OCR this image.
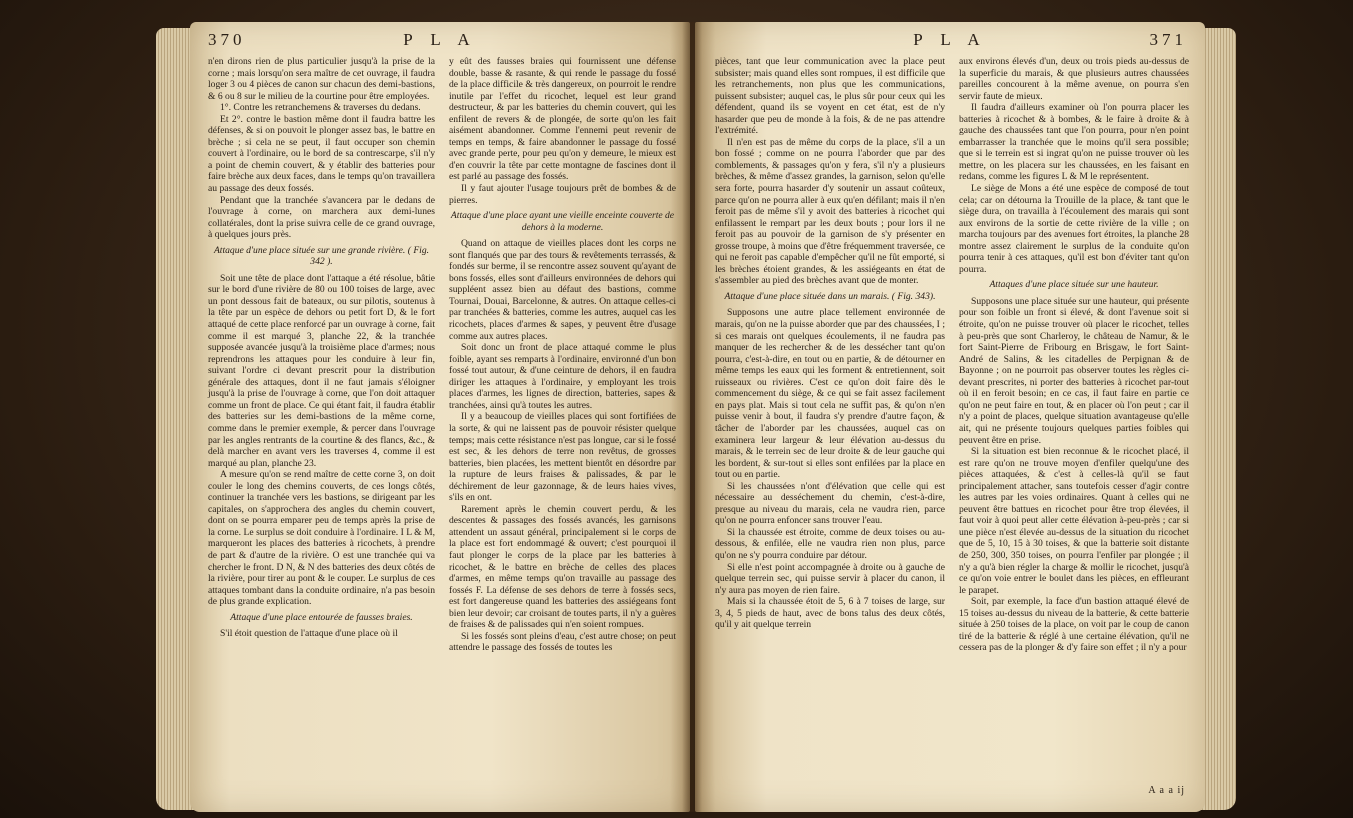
370	P L A

n'en dirons rien de plus particulier jusqu'à la prise de la corne ; mais lorsqu'on sera maître de cet ouvrage, il faudra loger 3 ou 4 pièces de canon sur chacun des demi-bastions, & 6 ou 8 sur le milieu de la courtine pour être employées.

1°. Contre les retranchemens & traverses du dedans.

Et 2°. contre le bastion même dont il faudra battre les défenses, & si on pouvoit le plonger assez bas, le battre en brèche ; si cela ne se peut, il faut occuper son chemin couvert à l'ordinaire, ou le bord de sa contrescarpe, s'il n'y a point de chemin couvert, & y établir des batteries pour faire brèche aux deux faces, dans le temps qu'on travaillera au passage des deux fossés.

Pendant que la tranchée s'avancera par le dedans de l'ouvrage à corne, on marchera aux demi-lunes collatérales, dont la prise suivra celle de ce grand ouvrage, à quelques jours près.

Attaque d'une place située sur une grande rivière. ( Fig. 342 ).

Soit une tête de place dont l'attaque a été résolue, bâtie sur le bord d'une rivière de 80 ou 100 toises de large, avec un pont dessous fait de bateaux, ou sur pilotis, soutenus à la tête par un espèce de dehors ou petit fort D, & le fort attaqué de cette place renforcé par un ouvrage à corne, fait comme il est marqué 3, planche 22, & la tranchée supposée avancée jusqu'à la troisième place d'armes; nous reprendrons les attaques pour les conduire à leur fin, suivant l'ordre ci devant prescrit pour la distribution générale des attaques, dont il ne faut jamais s'éloigner jusqu'à la prise de l'ouvrage à corne, que l'on doit attaquer comme un front de place. Ce qui étant fait, il faudra établir des batteries sur les demi-bastions de la même corne, comme dans le premier exemple, & percer dans l'ouvrage par les angles rentrants de la courtine & des flancs, &c., & delà marcher en avant vers les traverses 4, comme il est marqué au plan, planche 23.

A mesure qu'on se rend maître de cette corne 3, on doit couler le long des chemins couverts, de ces longs côtés, continuer la tranchée vers les bastions, se dirigeant par les capitales, on s'approchera des angles du chemin couvert, dont on se pourra emparer peu de temps après la prise de la corne. Le surplus se doit conduire à l'ordinaire. I L & M, marqueront les places des batteries à ricochets, à prendre de part & d'autre de la rivière. O est une tranchée qui va chercher le front. D N, & N des batteries des deux côtés de la rivière, pour tirer au pont & le couper. Le surplus de ces attaques tombant dans la conduite ordinaire, n'a pas besoin de plus grande explication.

Attaque d'une place entourée de fausses braies.

S'il étoit question de l'attaque d'une place où il

y eût des fausses braies qui fournissent une défense double, basse & rasante, & qui rende le passage du fossé de la place difficile & très dangereux, on pourroit le rendre inutile par l'effet du ricochet, lequel est leur grand destructeur, & par les batteries du chemin couvert, qui les enfilent de revers & de plongée, de sorte qu'on les fait aisément abandonner. Comme l'ennemi peut revenir de temps en temps, & faire abandonner le passage du fossé avec grande perte, pour peu qu'on y demeure, le mieux est d'en couvrir la tête par cette montagne de fascines dont il est parlé au passage des fossés.

Il y faut ajouter l'usage toujours prêt de bombes & de pierres.

Attaque d'une place ayant une vieille enceinte couverte de dehors à la moderne.

Quand on attaque de vieilles places dont les corps ne sont flanqués que par des tours & revêtements terrassés, & fondés sur berme, il se rencontre assez souvent qu'ayant de bons fossés, elles sont d'ailleurs environnées de dehors qui suppléent assez bien au défaut des bastions, comme Tournai, Douai, Barcelonne, & autres. On attaque celles-ci par tranchées & batteries, comme les autres, auquel cas les ricochets, places d'armes & sapes, y peuvent être d'usage comme aux autres places.

Soit donc un front de place attaqué comme le plus foible, ayant ses remparts à l'ordinaire, environné d'un bon fossé tout autour, & d'une ceinture de dehors, il en faudra diriger les attaques à l'ordinaire, y employant les trois places d'armes, les lignes de direction, batteries, sapes & tranchées, ainsi qu'à toutes les autres.

Il y a beaucoup de vieilles places qui sont fortifiées de la sorte, & qui ne laissent pas de pouvoir résister quelque temps; mais cette résistance n'est pas longue, car si le fossé est sec, & les dehors de terre non revêtus, de grosses batteries, bien placées, les mettent bientôt en désordre par la rupture de leurs fraises & palissades, & par le déchirement de leur gazonnage, & de leurs haies vives, s'ils en ont.

Rarement après le chemin couvert perdu, & les descentes & passages des fossés avancés, les garnisons attendent un assaut général, principalement si le corps de la place est fort endommagé & ouvert; c'est pourquoi il faut plonger le corps de la place par les batteries à ricochet, & le battre en brèche de celles des places d'armes, en même temps qu'on travaille au passage des fossés F. La défense de ses dehors de terre à fossés secs, est fort dangereuse quand les batteries des assiégeans font bien leur devoir; car croisant de toutes parts, il n'y a guères de fraises & de palissades qui n'en soient rompues.

Si les fossés sont pleins d'eau, c'est autre chose; on peut attendre le passage des fossés de toutes les

P L A	371

pièces, tant que leur communication avec la place peut subsister; mais quand elles sont rompues, il est difficile que les retranchements, non plus que les communications, puissent subsister; auquel cas, le plus sûr pour ceux qui les défendent, quand ils se voyent en cet état, est de n'y hasarder que peu de monde à la fois, & de ne pas attendre l'extrémité.

Il n'en est pas de même du corps de la place, s'il a un bon fossé ; comme on ne pourra l'aborder que par des comblements, & passages qu'on y fera, s'il n'y a plusieurs brèches, & même d'assez grandes, la garnison, selon qu'elle sera forte, pourra hasarder d'y soutenir un assaut coûteux, parce qu'on ne pourra aller à eux qu'en défilant; mais il n'en feroit pas de même s'il y avoit des batteries à ricochet qui enfilassent le rempart par les deux bouts ; pour lors il ne feroit pas au pouvoir de la garnison de s'y présenter en grosse troupe, à moins que d'être fréquemment traversée, ce qui ne feroit pas capable d'empêcher qu'il ne fût emporté, si les brèches étoient grandes, & les assiégeants en état de s'assembler au pied des brèches avant que de monter.

Attaque d'une place située dans un marais. ( Fig. 343).

Supposons une autre place tellement environnée de marais, qu'on ne la puisse aborder que par des chaussées, I ; si ces marais ont quelques écoulements, il ne faudra pas manquer de les rechercher & de les dessécher tant qu'on pourra, c'est-à-dire, en tout ou en partie, & de détourner en même temps les eaux qui les forment & entretiennent, soit ruisseaux ou rivières. C'est ce qu'on doit faire dès le commencement du siège, & ce qui se fait assez facilement en pays plat. Mais si tout cela ne suffit pas, & qu'on n'en puisse venir à bout, il faudra s'y prendre d'autre façon, & tâcher de l'aborder par les chaussées, auquel cas on examinera leur largeur & leur élévation au-dessus du marais, & le terrein sec de leur droite & de leur gauche qui les bordent, & sur-tout si elles sont enfilées par la place en tout ou en partie.

Si les chaussées n'ont d'élévation que celle qui est nécessaire au desséchement du chemin, c'est-à-dire, presque au niveau du marais, cela ne vaudra rien, parce qu'on ne pourra enfoncer sans trouver l'eau.

Si la chaussée est étroite, comme de deux toises ou au-dessous, & enfilée, elle ne vaudra rien non plus, parce qu'on ne s'y pourra conduire par détour.

Si elle n'est point accompagnée à droite ou à gauche de quelque terrein sec, qui puisse servir à placer du canon, il n'y aura pas moyen de rien faire.

Mais si la chaussée étoit de 5, 6 à 7 toises de large, sur 3, 4, 5 pieds de haut, avec de bons talus des deux côtés, qu'il y ait quelque terrein

aux environs élevés d'un, deux ou trois pieds au-dessus de la superficie du marais, & que plusieurs autres chaussées pareilles concourent à la même avenue, on pourra s'en servir faute de mieux.

Il faudra d'ailleurs examiner où l'on pourra placer les batteries à ricochet & à bombes, & le faire à droite & à gauche des chaussées tant que l'on pourra, pour n'en point embarrasser la tranchée que le moins qu'il sera possible; que si le terrein est si ingrat qu'on ne puisse trouver où les mettre, on les placera sur les chaussées, en les faisant en redans, comme les figures L & M le représentent.

Le siège de Mons a été une espèce de composé de tout cela; car on détourna la Trouille de la place, & tant que le siège dura, on travailla à l'écoulement des marais qui sont aux environs de la sortie de cette rivière de la ville ; on marcha toujours par des avenues fort étroites, la planche 28 montre assez clairement le surplus de la conduite qu'on pourra tenir à ces attaques, qu'il est bon d'éviter tant qu'on pourra.

Attaques d'une place située sur une hauteur.

Supposons une place située sur une hauteur, qui présente pour son foible un front si élevé, & dont l'avenue soit si étroite, qu'on ne puisse trouver où placer le ricochet, telles à peu-près que sont Charleroy, le château de Namur, & le fort Saint-Pierre de Fribourg en Brisgaw, le fort Saint-André de Salins, & les citadelles de Perpignan & de Bayonne ; on ne pourroit pas observer toutes les règles ci-devant prescrites, ni porter des batteries à ricochet par-tout où il en feroit besoin; en ce cas, il faut faire en partie ce qu'on ne peut faire en tout, & en placer où l'on peut ; car il n'y a point de places, quelque situation avantageuse qu'elle ait, qui ne présente toujours quelques parties foibles qui peuvent être en prise.

Si la situation est bien reconnue & le ricochet placé, il est rare qu'on ne trouve moyen d'enfiler quelqu'une des pièces attaquées, & c'est à celles-là qu'il se faut principalement attacher, sans toutefois cesser d'agir contre les autres par les voies ordinaires. Quant à celles qui ne peuvent être battues en ricochet pour être trop élevées, il faut voir à quoi peut aller cette élévation à-peu-près ; car si une pièce n'est élevée au-dessus de la situation du ricochet que de 5, 10, 15 à 30 toises, & que la batterie soit distante de 250, 300, 350 toises, on pourra l'enfiler par plongée ; il n'y a qu'à bien régler la charge & mollir le ricochet, jusqu'à ce qu'on voie entrer le boulet dans les pièces, en effleurant le parapet.

Soit, par exemple, la face d'un bastion attaqué élevé de 15 toises au-dessus du niveau de la batterie, & cette batterie située à 250 toises de la place, on voit par le coup de canon tiré de la batterie & réglé à une certaine élévation, qu'il ne cessera pas de la plonger & d'y faire son effet ; il n'y a pour

A a a ij
